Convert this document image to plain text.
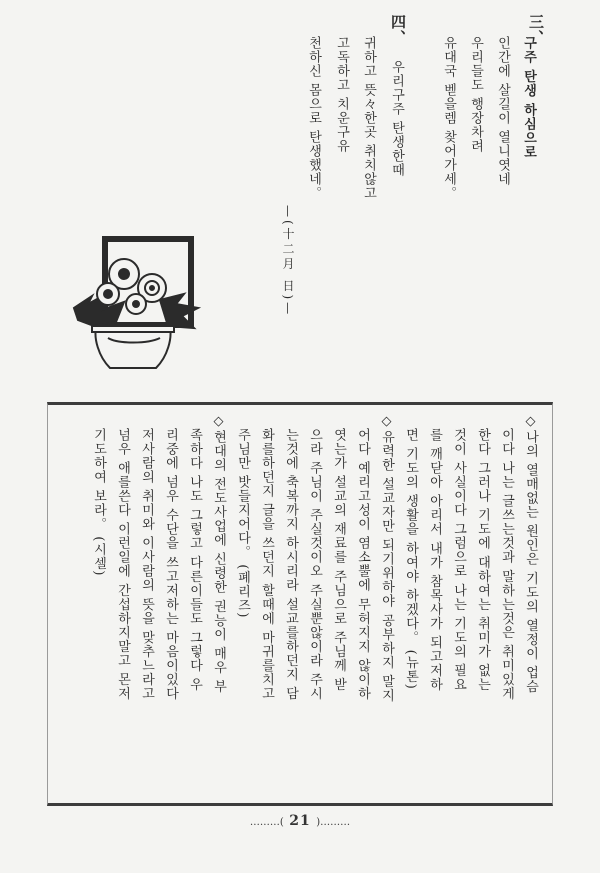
三、
구주 탄생 하심으로
인간에 살길이 열니엿네
우리들도 행장차려
유대국 벧을렘 찾어가세。
四、
우리구주 탄생한때
귀하고 뜻々한곳 취치않고
고독하고 치운구유
천하신 몸으로 탄생했네。
—(十二月 日)—
◇나의 열매없는 원인은 기도의 열정이 업슴
이다 나는 글쓰는것과 말하는것은 취미있게
한다 그러나 기도에 대하여는 취미가 없는
것이 사실이다 그럼으로 나는 기도의 필요
를 깨닫아 아리서 내가 참목사가 되고저하
면 기도의 생활을 하여야 하겠다。 (뉴톤)
◇유력한 설교자만 되기위하야 공부하지 말지
어다 예리고성이 염소뿔에 무허지지 않이하
엿는가 설교의 재료를 주님으로 주님께 받
으라 주님이 주실것이오 주실뿐않이라 주시
는것에 축복까지 하시리라 설교를하던지 담
화를하던지 글을 쓰던지 할때에 마귀를치고
주님만 밧들지어다。 (폐리즈)
◇현대의 전도사업에 신령한 권능이 매우 부
족하다 나도 그렇고 다른이들도 그렇다 우
리중에 넘우 수단을 쓰고저하는 마음이있다
저사람의 취미와 이사람의 뜻을 맞추느라고
넘우 애를쓴다 이런일에 간섭하지말고 몬저
기도하여 보라。 (시셀)
………( 21 )………
